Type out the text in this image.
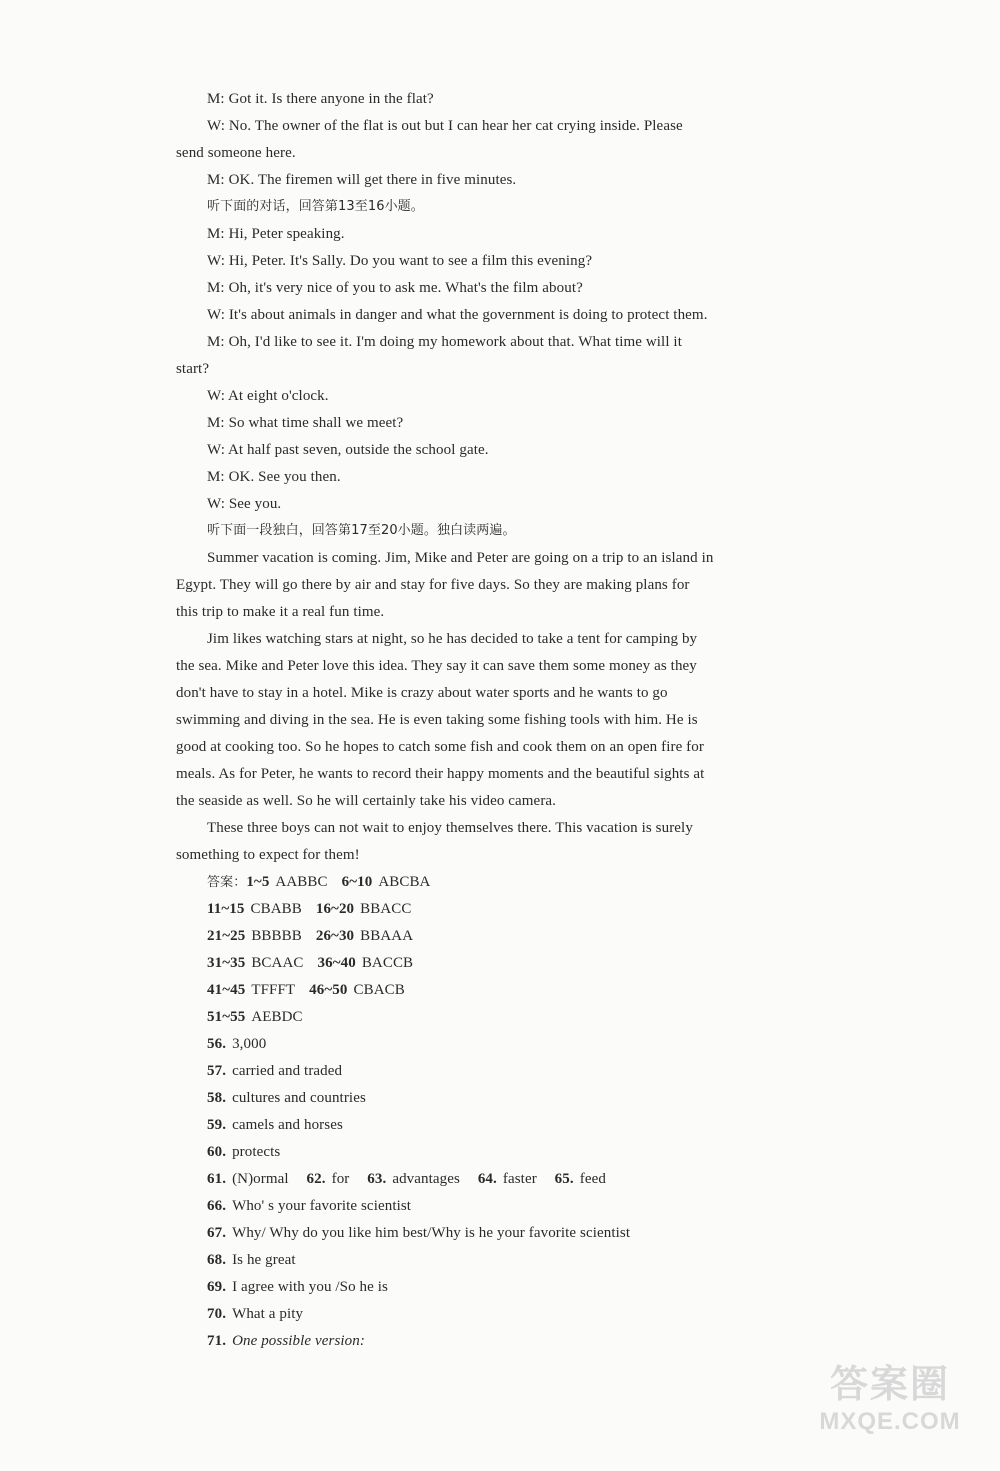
M: Got it. Is there anyone in the flat?
W: No. The owner of the flat is out but I can hear her cat crying inside. Please
send someone here.
M: OK. The firemen will get there in five minutes.
听下面的对话，回答第13至16小题。
M: Hi, Peter speaking.
W: Hi, Peter. It's Sally. Do you want to see a film this evening?
M: Oh, it's very nice of you to ask me. What's the film about?
W: It's about animals in danger and what the government is doing to protect them.
M: Oh, I'd like to see it. I'm doing my homework about that. What time will it
start?
W: At eight o'clock.
M: So what time shall we meet?
W: At half past seven, outside the school gate.
M: OK. See you then.
W: See you.
听下面一段独白，回答第17至20小题。独白读两遍。
Summer vacation is coming. Jim, Mike and Peter are going on a trip to an island in
Egypt. They will go there by air and stay for five days. So they are making plans for
this trip to make it a real fun time.
Jim likes watching stars at night, so he has decided to take a tent for camping by
the sea. Mike and Peter love this idea. They say it can save them some money as they
don't have to stay in a hotel. Mike is crazy about water sports and he wants to go
swimming and diving in the sea. He is even taking some fishing tools with him. He is
good at cooking too. So he hopes to catch some fish and cook them on an open fire for
meals. As for Peter, he wants to record their happy moments and the beautiful sights at
the seaside as well. So he will certainly take his video camera.
These three boys can not wait to enjoy themselves there. This vacation is surely
something to expect for them!
答案：1~5 AABBC 6~10 ABCBA
11~15 CBABB 16~20 BBACC
21~25 BBBBB 26~30 BBAAA
31~35 BCAAC 36~40 BACCB
41~45 TFFFT 46~50 CBACB
51~55 AEBDC
56. 3,000
57. carried and traded
58. cultures and countries
59. camels and horses
60. protects
61. (N)ormal 62. for 63. advantages 64. faster 65. feed
66. Who' s your favorite scientist
67. Why/ Why do you like him best/Why is he your favorite scientist
68. Is he great
69. I agree with you /So he is
70. What a pity
71. One possible version:
答案圈
MXQE.COM
